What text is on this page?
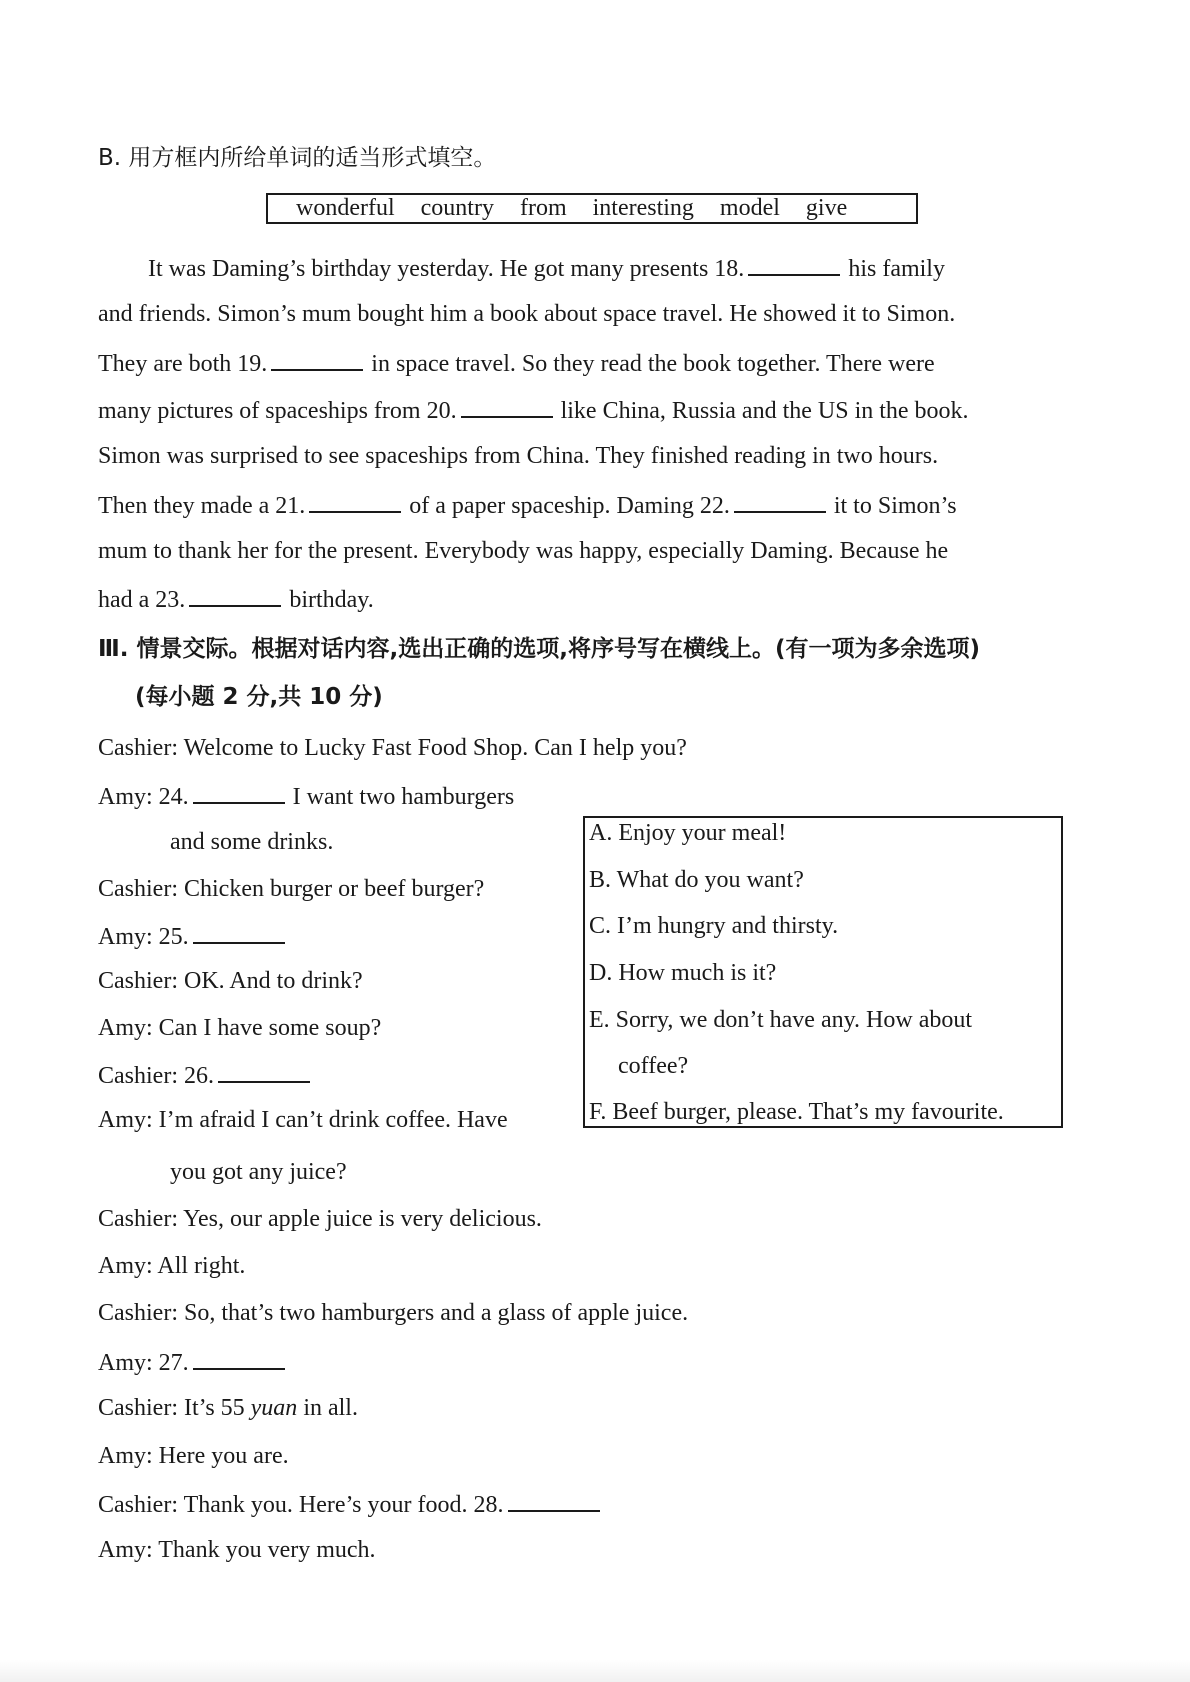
B. 用方框内所给单词的适当形式填空。
wonderful country from interesting model give
It was Daming’s birthday yesterday. He got many presents 18.	his family
and friends. Simon’s mum bought him a book about space travel. He showed it to Simon.
They are both 19.	in space travel. So they read the book together. There were
many pictures of spaceships from 20.	like China, Russia and the US in the book.
Simon was surprised to see spaceships from China. They finished reading in two hours.
Then they made a 21.	of a paper spaceship. Daming 22.	it to Simon’s
mum to thank her for the present. Everybody was happy, especially Daming. Because he
had a 23.	birthday.
Ⅲ. 情景交际。根据对话内容,选出正确的选项,将序号写在横线上。(有一项为多余选项)
(每小题 2 分,共 10 分)
Cashier: Welcome to Lucky Fast Food Shop. Can I help you?
Amy: 24.	I want two hamburgers
and some drinks.
Cashier: Chicken burger or beef burger?
Amy: 25.
Cashier: OK. And to drink?
Amy: Can I have some soup?
Cashier: 26.
Amy: I’m afraid I can’t drink coffee. Have
you got any juice?
Cashier: Yes, our apple juice is very delicious.
Amy: All right.
Cashier: So, that’s two hamburgers and a glass of apple juice.
Amy: 27.
Cashier: It’s 55 yuan in all.
Amy: Here you are.
Cashier: Thank you. Here’s your food. 28.
Amy: Thank you very much.
A. Enjoy your meal!
B. What do you want?
C. I’m hungry and thirsty.
D. How much is it?
E. Sorry, we don’t have any. How about
coffee?
F. Beef burger, please. That’s my favourite.
